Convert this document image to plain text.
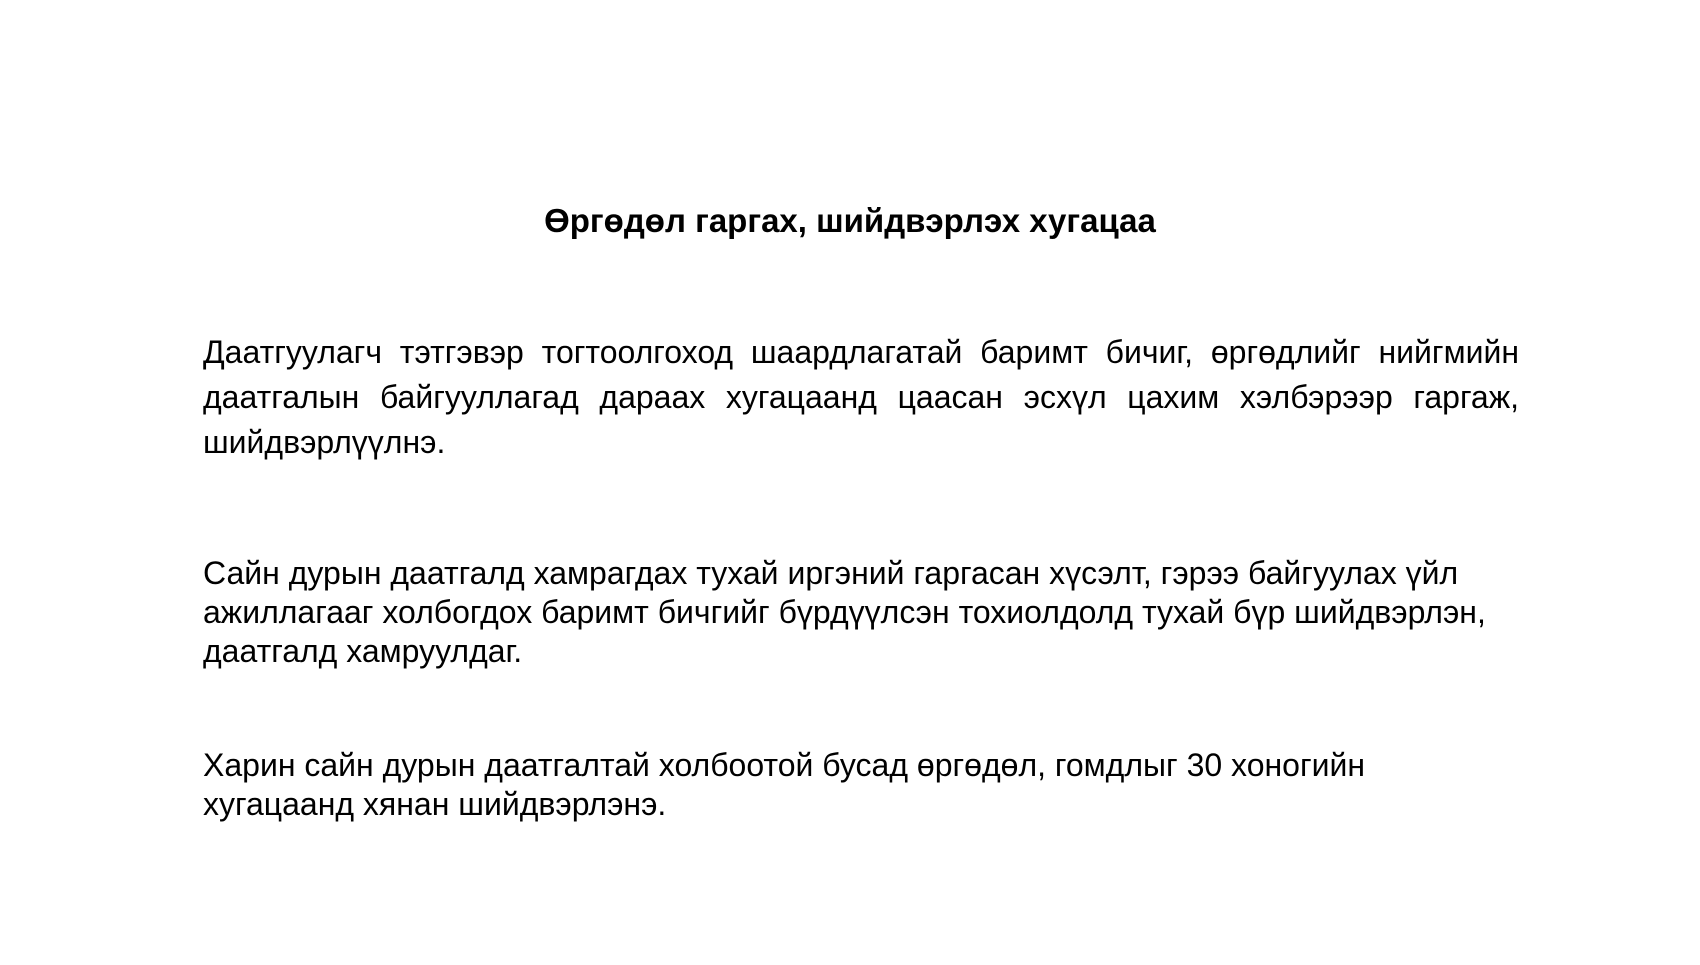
Өргөдөл гаргах, шийдвэрлэх хугацаа

Даатгуулагч тэтгэвэр тогтоолгоход шаардлагатай баримт бичиг, өргөдлийг нийгмийн даатгалын байгууллагад дараах хугацаанд цаасан эсхүл цахим хэлбэрээр гаргаж, шийдвэрлүүлнэ.

Сайн дурын даатгалд хамрагдах тухай иргэний гаргасан хүсэлт, гэрээ байгуулах үйл ажиллагааг холбогдох баримт бичгийг бүрдүүлсэн тохиолдолд тухай бүр шийдвэрлэн, даатгалд хамруулдаг.

Харин сайн дурын даатгалтай холбоотой бусад өргөдөл, гомдлыг 30 хоногийн хугацаанд хянан шийдвэрлэнэ.
